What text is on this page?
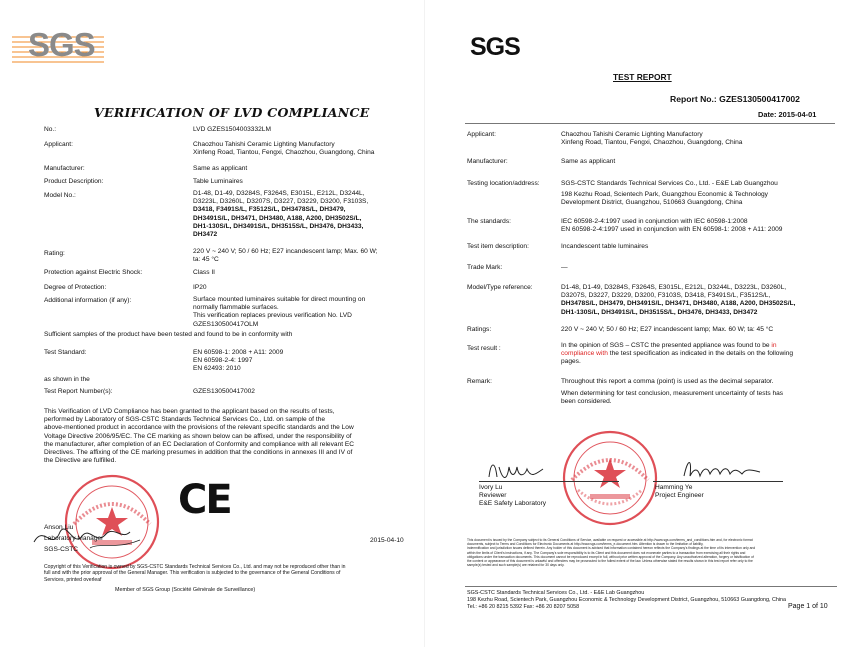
SGS
VERIFICATION OF LVD COMPLIANCE
No.:	LVD GZES1504003332LM
Applicant:	Chaozhou Tahishi Ceramic Lighting Manufactory
Xinfeng Road, Tiantou, Fengxi, Chaozhou, Guangdong, China
Manufacturer:	Same as applicant
Product Description:	Table Luminaires
Model No.:	D1-48, D1-49, D3284S, F3264S, E3015L, E212L, D3244L,
D3223L, D3260L, D3207S, D3227, D3229, D3200, F3103S,
D3418, F3491S/L, F3512S/L, DH3478S/L, DH3479,
DH3491S/L, DH3471, DH3480, A188, A200, DH3502S/L,
DH1-130S/L, DH3491S/L, DH3515S/L, DH3476, DH3433,
DH3472
Rating:	220 V ~ 240 V; 50 / 60 Hz; E27 incandescent lamp; Max. 60 W;
ta: 45 °C
Protection against Electric Shock:	Class II
Degree of Protection:	IP20
Additional information (if any):	Surface mounted luminaires suitable for direct mounting on
normally flammable surfaces.
This verification replaces previous verification No. LVD
GZES130500417OLM
Sufficient samples of the product have been tested and found to be in conformity with
Test Standard:	EN 60598-1: 2008 + A11: 2009
EN 60598-2-4: 1997
EN 62493: 2010
as shown in the
Test Report Number(s):	GZES130500417002
This Verification of LVD Compliance has been granted to the applicant based on the results of tests,
performed by Laboratory of SGS-CSTC Standards Technical Services Co., Ltd. on sample of the
above-mentioned product in accordance with the provisions of the relevant specific standards and the Low
Voltage Directive 2006/95/EC. The CE marking as shown below can be affixed, under the responsibility of
the manufacturer, after completion of an EC Declaration of Conformity and compliance with all relevant EC
Directives. The affixing of the CE marking presumes in addition that the conditions in annexes III and IV of
the Directive are fulfilled.
CE
Anson Liu
Laboratory Manager
SGS-CSTC
2015-04-10
Copyright of this Verification is owned by SGS-CSTC Standards Technical Services Co., Ltd. and may not be reproduced other than in
full and with the prior approval of the General Manager. This verification is subjected to the governance of the General Conditions of
Services, printed overleaf
Member of SGS Group (Société Générale de Surveillance)
SGS
TEST REPORT
Report No.: GZES130500417002
Date: 2015-04-01
Applicant:	Chaozhou Tahishi Ceramic Lighting Manufactory
Xinfeng Road, Tiantou, Fengxi, Chaozhou, Guangdong, China
Manufacturer:	Same as applicant
Testing location/address:	SGS-CSTC Standards Technical Services Co., Ltd. - E&E Lab Guangzhou
198 Kezhu Road, Scientech Park, Guangzhou Economic & Technology
Development District, Guangzhou, 510663 Guangdong, China
The standards:	IEC 60598-2-4:1997 used in conjunction with IEC 60598-1:2008
EN 60598-2-4:1997 used in conjunction with EN 60598-1: 2008 + A11: 2009
Test item description:	Incandescent table luminaires
Trade Mark:	—
Model/Type reference:	D1-48, D1-49, D3284S, F3264S, E3015L, E212L, D3244L, D3223L, D3260L,
D3207S, D3227, D3229, D3200, F3103S, D3418, F3491S/L, F3512S/L,
DH3478S/L, DH3479, DH3491S/L, DH3471, DH3480, A188, A200, DH3502S/L,
DH1-130S/L, DH3491S/L, DH3515S/L, DH3476, DH3433, DH3472
Ratings:	220 V ~ 240 V; 50 / 60 Hz; E27 incandescent lamp; Max. 60 W; ta: 45 °C
Test result :	In the opinion of SGS – CSTC the presented appliance was found to be in
compliance with the test specification as indicated in the details on the following
pages.
Remark:	Throughout this report a comma (point) is used as the decimal separator.
When determining for test conclusion, measurement uncertainty of tests has
been considered.
Ivory Lu
Reviewer
E&E Safety Laboratory
Hamming Ye
Project Engineer
This document is issued by the Company subject to its General Conditions of Service, available on request or accessible at http://www.sgs.com/terms_and_conditions.htm and, for electronic format
documents, subject to Terms and Conditions for Electronic Documents at http://www.sgs.com/terms_e-document.htm. Attention is drawn to the limitation of liability,
indemnification and jurisdiction issues defined therein. Any holder of this document is advised that information contained hereon reflects the Company's findings at the time of its intervention only and
within the limits of Client's instructions, if any. The Company's sole responsibility is to its Client and this document does not exonerate parties to a transaction from exercising all their rights and
obligations under the transaction documents. This document cannot be reproduced except in full, without prior written approval of the Company. Any unauthorized alteration, forgery or falsification of
the content or appearance of this document is unlawful and offenders may be prosecuted to the fullest extent of the law. Unless otherwise stated the results shown in this test report refer only to the
sample(s) tested and such sample(s) are retained for 30 days only.
SGS-CSTC Standards Technical Services Co., Ltd. - E&E Lab Guangzhou
198 Kezhu Road, Scientech Park, Guangzhou Economic & Technology Development District, Guangzhou, 510663 Guangdong, China
Tel.: +86 20 8215 5392 Fax: +86 20 8207 5058	Page 1 of 10
